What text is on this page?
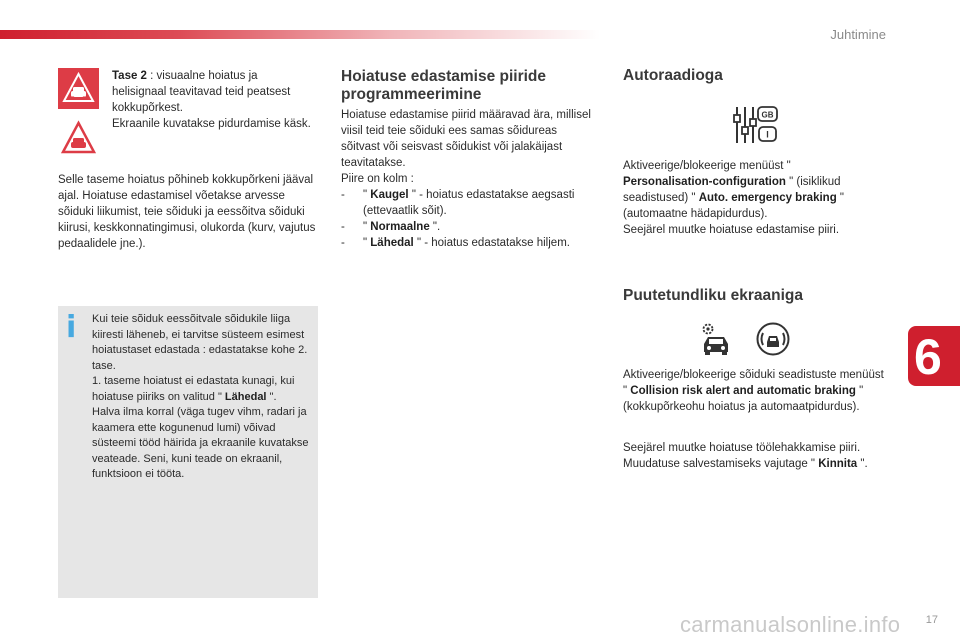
Juhtimine
6

Tase 2 : visuaalne hoiatus ja helisignaal teavitavad teid peatsest kokkupõrkest.

Ekraanile kuvatakse pidurdamise käsk.

Selle taseme hoiatus põhineb kokkupõrkeni jääval ajal. Hoiatuse edastamisel võetakse arvesse sõiduki liikumist, teie sõiduki ja eessõitva sõiduki kiirusi, keskkonnatingimusi, olukorda (kurv, vajutus pedaalidele jne.).

i Kui teie sõiduk eessõitvale sõidukile liiga kiiresti läheneb, ei tarvitse süsteem esimest hoiatustaset edastada : edastatakse kohe 2. tase.

1. taseme hoiatust ei edastata kunagi, kui hoiatuse piiriks on valitud " Lähedal ".

Halva ilma korral (väga tugev vihm, radari ja kaamera ette kogunenud lumi) võivad süsteemi tööd häirida ja ekraanile kuvatakse veateade. Seni, kuni teade on ekraanil, funktsioon ei tööta.

Hoiatuse edastamise piiride programmeerimine

Hoiatuse edastamise piirid määravad ära, millisel viisil teid teie sõiduki ees samas sõidureas sõitvast või seisvast sõidukist või jalakäijast teavitatakse.

Piire on kolm :

-	" Kaugel " - hoiatus edastatakse aegsasti (ettevaatlik sõit).

-	" Normaalne ".

-	" Lähedal " - hoiatus edastatakse hiljem.

Autoraadioga
GB
I

Aktiveerige/blokeerige menüüst " Personalisation-configuration " (isiklikud seadistused) " Auto. emergency braking " (automaatne hädapidurdus).

Seejärel muutke hoiatuse edastamise piiri.

Puutetundliku ekraaniga

Aktiveerige/blokeerige sõiduki seadistuste menüüst " Collision risk alert and automatic braking " (kokkupõrkeohu hoiatus ja automaatpidurdus).

Seejärel muutke hoiatuse töölehakkamise piiri.

Muudatuse salvestamiseks vajutage " Kinnita ".

carmanualsonline.info 17
